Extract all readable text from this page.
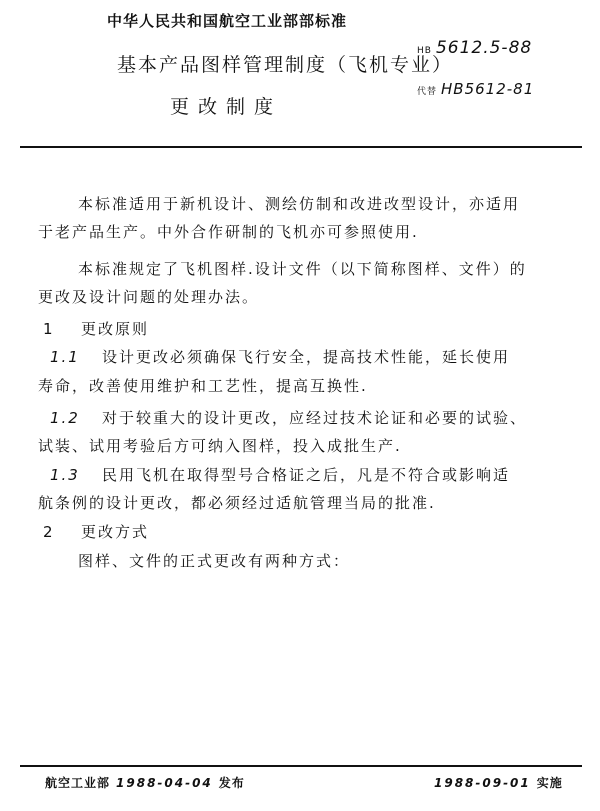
中华人民共和国航空工业部部标准
基本产品图样管理制度（飞机专业）
更改制度
HB 5612.5-88
代替 HB5612-81
本标准适用于新机设计、测绘仿制和改进改型设计，亦适用
于老产品生产。中外合作研制的飞机亦可参照使用.
本标准规定了飞机图样.设计文件（以下简称图样、文件）的
更改及设计问题的处理办法。
1 更改原则
1.1 设计更改必须确保飞行安全，提高技术性能，延长使用
寿命，改善使用维护和工艺性，提高互换性.
1.2 对于较重大的设计更改，应经过技术论证和必要的试验、
试装、试用考验后方可纳入图样，投入成批生产.
1.3 民用飞机在取得型号合格证之后，凡是不符合或影响适
航条例的设计更改，都必须经过适航管理当局的批准.
2 更改方式
图样、文件的正式更改有两种方式：
航空工业部 1988-04-04 发布	1988-09-01 实施
